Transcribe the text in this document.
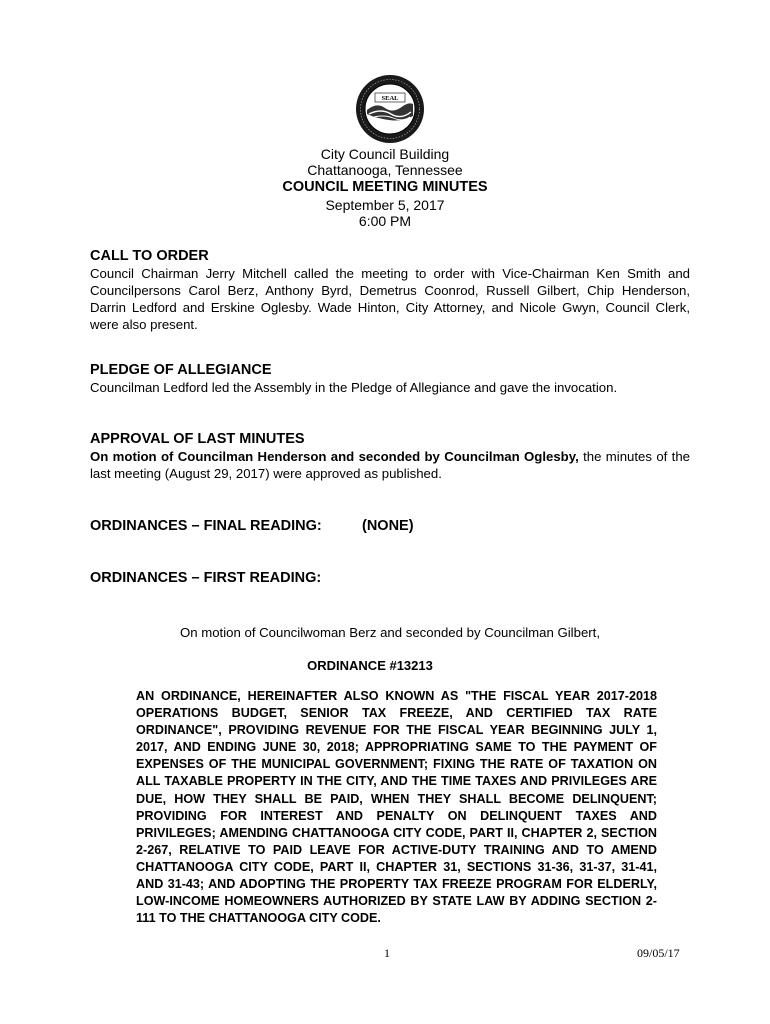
SEAL
City Council Building
Chattanooga, Tennessee
COUNCIL MEETING MINUTES
September 5, 2017
6:00 PM

CALL TO ORDER

Council Chairman Jerry Mitchell called the meeting to order with Vice-Chairman Ken Smith and Councilpersons Carol Berz, Anthony Byrd, Demetrus Coonrod, Russell Gilbert, Chip Henderson, Darrin Ledford and Erskine Oglesby. Wade Hinton, City Attorney, and Nicole Gwyn, Council Clerk, were also present.

PLEDGE OF ALLEGIANCE

Councilman Ledford led the Assembly in the Pledge of Allegiance and gave the invocation.

APPROVAL OF LAST MINUTES

On motion of Councilman Henderson and seconded by Councilman Oglesby, the minutes of the last meeting (August 29, 2017) were approved as published.

ORDINANCES – FINAL READING:	(NONE)
ORDINANCES – FIRST READING:
On motion of Councilwoman Berz and seconded by Councilman Gilbert,
ORDINANCE #13213

AN ORDINANCE, HEREINAFTER ALSO KNOWN AS "THE FISCAL YEAR 2017-2018 OPERATIONS BUDGET, SENIOR TAX FREEZE, AND CERTIFIED TAX RATE ORDINANCE", PROVIDING REVENUE FOR THE FISCAL YEAR BEGINNING JULY 1, 2017, AND ENDING JUNE 30, 2018; APPROPRIATING SAME TO THE PAYMENT OF EXPENSES OF THE MUNICIPAL GOVERNMENT; FIXING THE RATE OF TAXATION ON ALL TAXABLE PROPERTY IN THE CITY, AND THE TIME TAXES AND PRIVILEGES ARE DUE, HOW THEY SHALL BE PAID, WHEN THEY SHALL BECOME DELINQUENT; PROVIDING FOR INTEREST AND PENALTY ON DELINQUENT TAXES AND PRIVILEGES; AMENDING CHATTANOOGA CITY CODE, PART II, CHAPTER 2, SECTION 2-267, RELATIVE TO PAID LEAVE FOR ACTIVE-DUTY TRAINING AND TO AMEND CHATTANOOGA CITY CODE, PART II, CHAPTER 31, SECTIONS 31-36, 31-37, 31-41, AND 31-43; AND ADOPTING THE PROPERTY TAX FREEZE PROGRAM FOR ELDERLY, LOW-INCOME HOMEOWNERS AUTHORIZED BY STATE LAW BY ADDING SECTION 2-111 TO THE CHATTANOOGA CITY CODE.

1	09/05/17
